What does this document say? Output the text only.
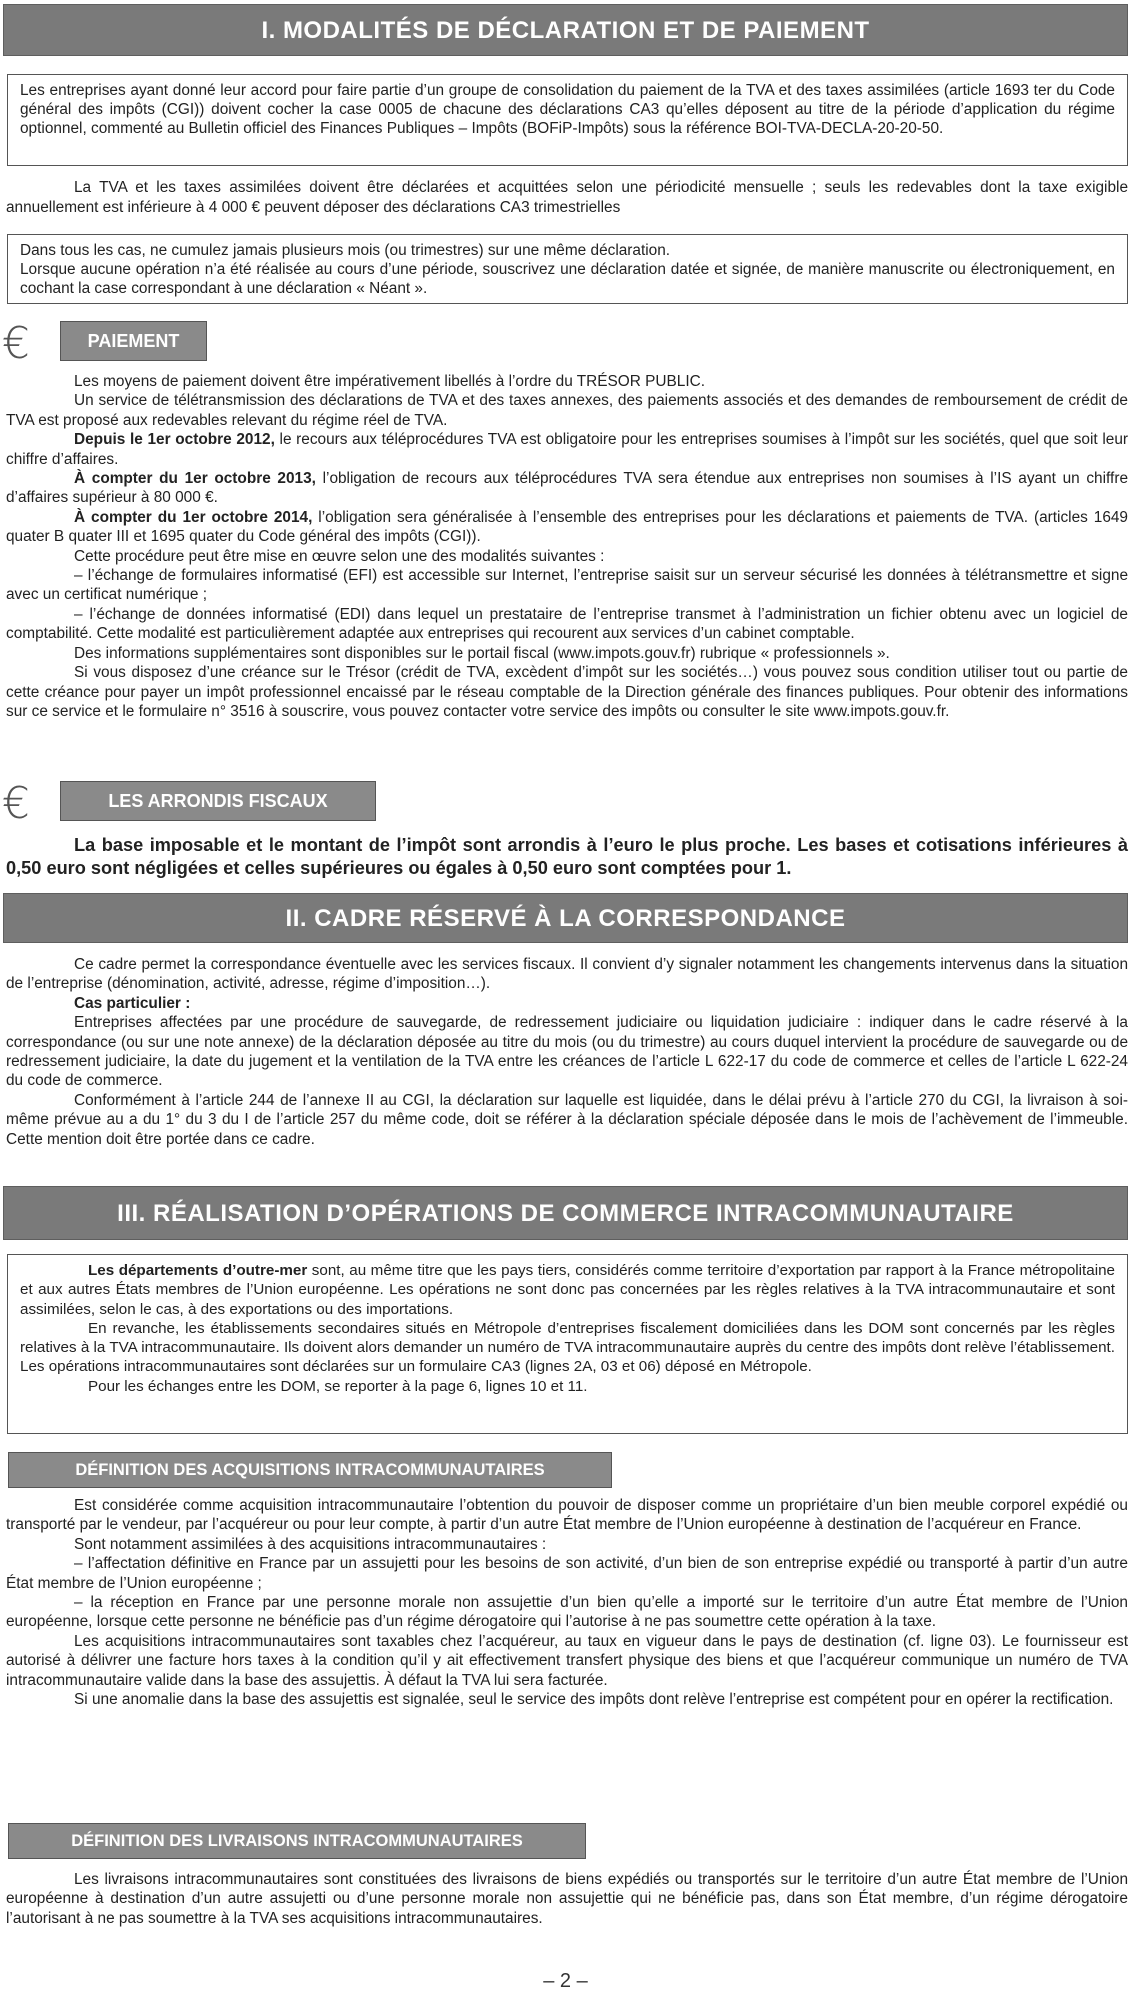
I. MODALITÉS DE DÉCLARATION ET DE PAIEMENT
Les entreprises ayant donné leur accord pour faire partie d’un groupe de consolidation du paiement de la TVA et des taxes assimilées (article 1693 ter du Code général des impôts (CGI)) doivent cocher la case 0005 de chacune des déclarations CA3 qu’elles déposent au titre de la période d’application du régime optionnel, commenté au Bulletin officiel des Finances Publiques – Impôts (BOFiP-Impôts) sous la référence BOI-TVA-DECLA-20-20-50.

La TVA et les taxes assimilées doivent être déclarées et acquittées selon une périodicité mensuelle ; seuls les redevables dont la taxe exigible annuellement est inférieure à 4 000 € peuvent déposer des déclarations CA3 trimestrielles

Dans tous les cas, ne cumulez jamais plusieurs mois (ou trimestres) sur une même déclaration.
Lorsque aucune opération n’a été réalisée au cours d’une période, souscrivez une déclaration datée et signée, de manière manuscrite ou électroniquement, en cochant la case correspondant à une déclaration « Néant ».
€	PAIEMENT

Les moyens de paiement doivent être impérativement libellés à l’ordre du TRÉSOR PUBLIC.

Un service de télétransmission des déclarations de TVA et des taxes annexes, des paiements associés et des demandes de remboursement de crédit de TVA est proposé aux redevables relevant du régime réel de TVA.

Depuis le 1er octobre 2012, le recours aux téléprocédures TVA est obligatoire pour les entreprises soumises à l’impôt sur les sociétés, quel que soit leur chiffre d’affaires.

À compter du 1er octobre 2013, l’obligation de recours aux téléprocédures TVA sera étendue aux entreprises non soumises à l’IS ayant un chiffre d’affaires supérieur à 80 000 €.

À compter du 1er octobre 2014, l’obligation sera généralisée à l’ensemble des entreprises pour les déclarations et paiements de TVA. (articles 1649 quater B quater III et 1695 quater du Code général des impôts (CGI)).

Cette procédure peut être mise en œuvre selon une des modalités suivantes :

– l’échange de formulaires informatisé (EFI) est accessible sur Internet, l’entreprise saisit sur un serveur sécurisé les données à télétransmettre et signe avec un certificat numérique ;

– l’échange de données informatisé (EDI) dans lequel un prestataire de l’entreprise transmet à l’administration un fichier obtenu avec un logiciel de comptabilité. Cette modalité est particulièrement adaptée aux entreprises qui recourent aux services d’un cabinet comptable.

Des informations supplémentaires sont disponibles sur le portail fiscal (www.impots.gouv.fr) rubrique « professionnels ».

Si vous disposez d’une créance sur le Trésor (crédit de TVA, excèdent d’impôt sur les sociétés…) vous pouvez sous condition utiliser tout ou partie de cette créance pour payer un impôt professionnel encaissé par le réseau comptable de la Direction générale des finances publiques. Pour obtenir des informations sur ce service et le formulaire n° 3516 à souscrire, vous pouvez contacter votre service des impôts ou consulter le site www.impots.gouv.fr.

€	LES ARRONDIS FISCAUX

La base imposable et le montant de l’impôt sont arrondis à l’euro le plus proche. Les bases et cotisations inférieures à 0,50 euro sont négligées et celles supérieures ou égales à 0,50 euro sont comptées pour 1.

II. CADRE RÉSERVÉ À LA CORRESPONDANCE

Ce cadre permet la correspondance éventuelle avec les services fiscaux. Il convient d’y signaler notamment les changements intervenus dans la situation de l’entreprise (dénomination, activité, adresse, régime d’imposition…).

Cas particulier :

Entreprises affectées par une procédure de sauvegarde, de redressement judiciaire ou liquidation judiciaire : indiquer dans le cadre réservé à la correspondance (ou sur une note annexe) de la déclaration déposée au titre du mois (ou du trimestre) au cours duquel intervient la procédure de sauvegarde ou de redressement judiciaire, la date du jugement et la ventilation de la TVA entre les créances de l’article L 622-17 du code de commerce et celles de l’article L 622-24 du code de commerce.

Conformément à l’article 244 de l’annexe II au CGI, la déclaration sur laquelle est liquidée, dans le délai prévu à l’article 270 du CGI, la livraison à soi-même prévue au a du 1° du 3 du I de l’article 257 du même code, doit se référer à la déclaration spéciale déposée dans le mois de l’achèvement de l’immeuble. Cette mention doit être portée dans ce cadre.

III. RÉALISATION D’OPÉRATIONS DE COMMERCE INTRACOMMUNAUTAIRE

Les départements d’outre-mer sont, au même titre que les pays tiers, considérés comme territoire d’exportation par rapport à la France métropolitaine et aux autres États membres de l’Union européenne. Les opérations ne sont donc pas concernées par les règles relatives à la TVA intracommunautaire et sont assimilées, selon le cas, à des exportations ou des importations.

En revanche, les établissements secondaires situés en Métropole d’entreprises fiscalement domiciliées dans les DOM sont concernés par les règles relatives à la TVA intracommunautaire. Ils doivent alors demander un numéro de TVA intracommunautaire auprès du centre des impôts dont relève l’établissement. Les opérations intracommunautaires sont déclarées sur un formulaire CA3 (lignes 2A, 03 et 06) déposé en Métropole.

Pour les échanges entre les DOM, se reporter à la page 6, lignes 10 et 11.

DÉFINITION DES ACQUISITIONS INTRACOMMUNAUTAIRES

Est considérée comme acquisition intracommunautaire l’obtention du pouvoir de disposer comme un propriétaire d’un bien meuble corporel expédié ou transporté par le vendeur, par l’acquéreur ou pour leur compte, à partir d’un autre État membre de l’Union européenne à destination de l’acquéreur en France.

Sont notamment assimilées à des acquisitions intracommunautaires :

– l’affectation définitive en France par un assujetti pour les besoins de son activité, d’un bien de son entreprise expédié ou transporté à partir d’un autre État membre de l’Union européenne ;

– la réception en France par une personne morale non assujettie d’un bien qu’elle a importé sur le territoire d’un autre État membre de l’Union européenne, lorsque cette personne ne bénéficie pas d’un régime dérogatoire qui l’autorise à ne pas soumettre cette opération à la taxe.

Les acquisitions intracommunautaires sont taxables chez l’acquéreur, au taux en vigueur dans le pays de destination (cf. ligne 03). Le fournisseur est autorisé à délivrer une facture hors taxes à la condition qu’il y ait effectivement transfert physique des biens et que l’acquéreur communique un numéro de TVA intracommunautaire valide dans la base des assujettis. À défaut la TVA lui sera facturée.

Si une anomalie dans la base des assujettis est signalée, seul le service des impôts dont relève l’entreprise est compétent pour en opérer la rectification.

DÉFINITION DES LIVRAISONS INTRACOMMUNAUTAIRES

Les livraisons intracommunautaires sont constituées des livraisons de biens expédiés ou transportés sur le territoire d’un autre État membre de l’Union européenne à destination d’un autre assujetti ou d’une personne morale non assujettie qui ne bénéficie pas, dans son État membre, d’un régime dérogatoire l’autorisant à ne pas soumettre à la TVA ses acquisitions intracommunautaires.

– 2 –
